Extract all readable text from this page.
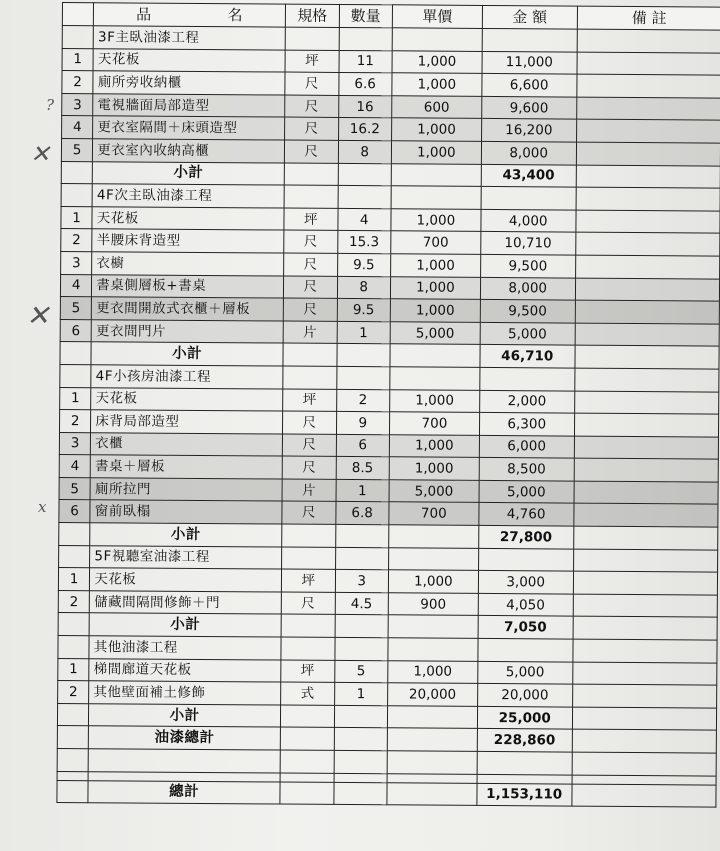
	品 名	規格	數量	單價	金 額	備 註
	3F主臥油漆工程					
1	天花板	坪	11	1,000	11,000	
2	廁所旁收納櫃	尺	6.6	1,000	6,600	
3	電視牆面局部造型	尺	16	600	9,600	
4	更衣室隔間＋床頭造型	尺	16.2	1,000	16,200	
5	更衣室內收納高櫃	尺	8	1,000	8,000	
	小計				43,400	
	4F次主臥油漆工程					
1	天花板	坪	4	1,000	4,000	
2	半腰床背造型	尺	15.3	700	10,710	
3	衣櫥	尺	9.5	1,000	9,500	
4	書桌側層板+書桌	尺	8	1,000	8,000	
5	更衣間開放式衣櫃＋層板	尺	9.5	1,000	9,500	
6	更衣間門片	片	1	5,000	5,000	
	小計				46,710	
	4F小孩房油漆工程					
1	天花板	坪	2	1,000	2,000	
2	床背局部造型	尺	9	700	6,300	
3	衣櫃	尺	6	1,000	6,000	
4	書桌＋層板	尺	8.5	1,000	8,500	
5	廁所拉門	片	1	5,000	5,000	
6	窗前臥榻	尺	6.8	700	4,760	
	小計				27,800	
	5F視聽室油漆工程					
1	天花板	坪	3	1,000	3,000	
2	儲藏間隔間修飾＋門	尺	4.5	900	4,050	
	小計				7,050	
	其他油漆工程					
1	梯間廊道天花板	坪	5	1,000	5,000	
2	其他壁面補土修飾	式	1	20,000	20,000	
	小計				25,000	
	油漆總計				228,860	

	總計				1,153,110	
?
✕
✕
x
